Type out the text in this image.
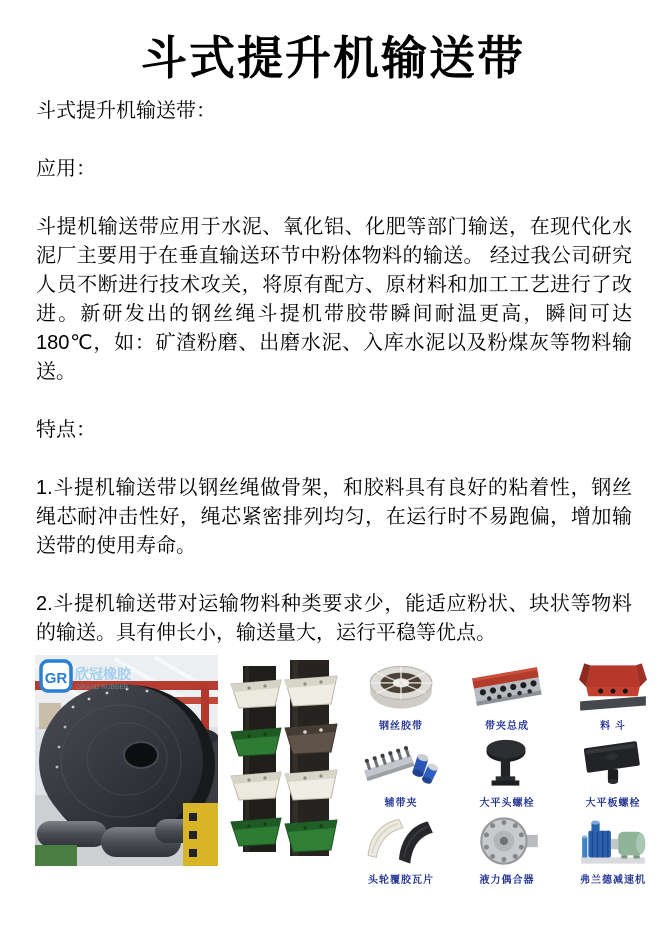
斗式提升机输送带

斗式提升机输送带：

应用：

斗提机输送带应用于水泥、氧化铝、化肥等部门输送，在现代化水泥厂主要用于在垂直输送环节中粉体物料的输送。 经过我公司研究人员不断进行技术攻关，将原有配方、原材料和加工工艺进行了改进。新研发出的钢丝绳斗提机带胶带瞬间耐温更高，瞬间可达180℃，如：矿渣粉磨、出磨水泥、入库水泥以及粉煤灰等物料输送。

特点：

1.斗提机输送带以钢丝绳做骨架，和胶料具有良好的粘着性，钢丝绳芯耐冲击性好，绳芯紧密排列均匀，在运行时不易跑偏，增加输送带的使用寿命。

2.斗提机输送带对运输物料种类要求少，能适应粉状、块状等物料的输送。具有伸长小，输送量大，运行平稳等优点。

GR 欣冠橡胶
GRAND RUBBER
钢丝胶带	带夹总成	料 斗
辅带夹	大平头螺栓	大平板螺栓
头轮覆胶瓦片	液力偶合器	弗兰德减速机
